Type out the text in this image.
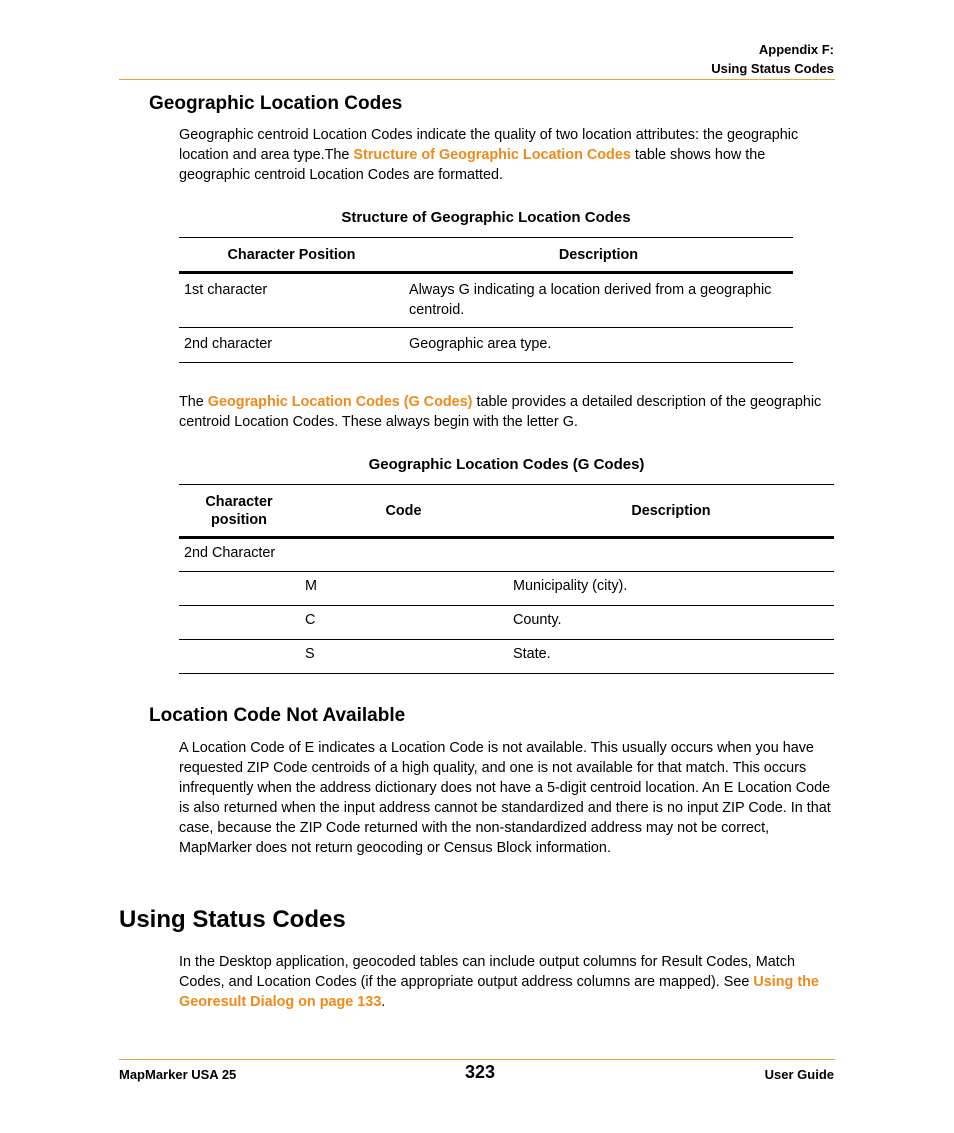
Appendix F:
Using Status Codes
Geographic Location Codes
Geographic centroid Location Codes indicate the quality of two location attributes: the geographic location and area type.The Structure of Geographic Location Codes table shows how the geographic centroid Location Codes are formatted.
Structure of Geographic Location Codes
Character Position	Description
1st character	Always G indicating a location derived from a geographic centroid.
2nd character	Geographic area type.
The Geographic Location Codes (G Codes) table provides a detailed description of the geographic centroid Location Codes. These always begin with the letter G.
Geographic Location Codes (G Codes)
Character position	Code	Description
2nd Character		
	M	Municipality (city).
	C	County.
	S	State.
Location Code Not Available
A Location Code of E indicates a Location Code is not available. This usually occurs when you have requested ZIP Code centroids of a high quality, and one is not available for that match. This occurs infrequently when the address dictionary does not have a 5-digit centroid location. An E Location Code is also returned when the input address cannot be standardized and there is no input ZIP Code. In that case, because the ZIP Code returned with the non-standardized address may not be correct, MapMarker does not return geocoding or Census Block information.
Using Status Codes
In the Desktop application, geocoded tables can include output columns for Result Codes, Match Codes, and Location Codes (if the appropriate output address columns are mapped). See Using the Georesult Dialog on page 133.
MapMarker USA 25	323	User Guide
